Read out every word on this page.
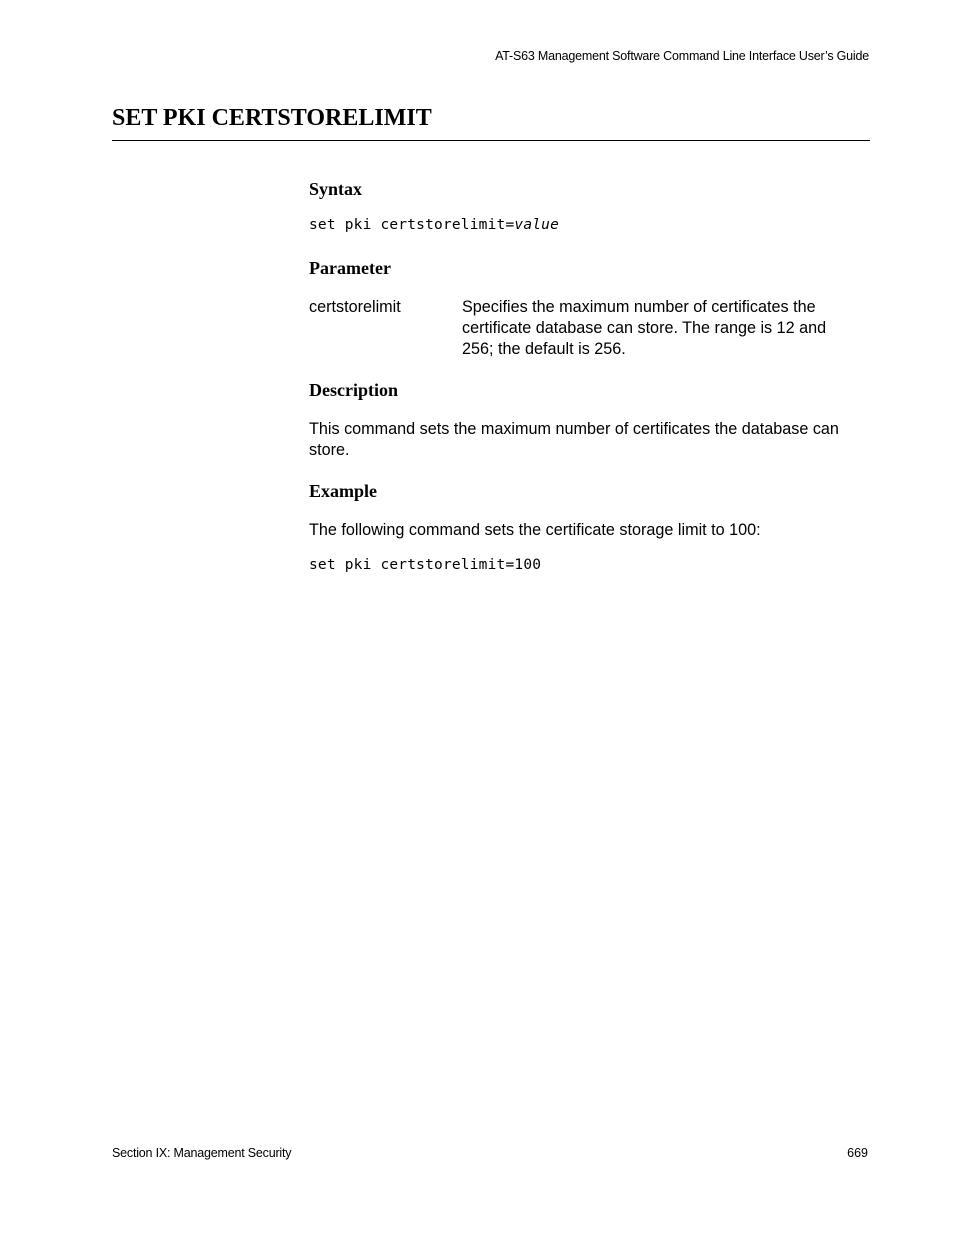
AT-S63 Management Software Command Line Interface User’s Guide
SET PKI CERTSTORELIMIT
Syntax
set pki certstorelimit=value
Parameter
certstorelimit	Specifies the maximum number of certificates the certificate database can store. The range is 12 and 256; the default is 256.
Description

This command sets the maximum number of certificates the database can store.

Example

The following command sets the certificate storage limit to 100:

set pki certstorelimit=100
Section IX: Management Security	669
